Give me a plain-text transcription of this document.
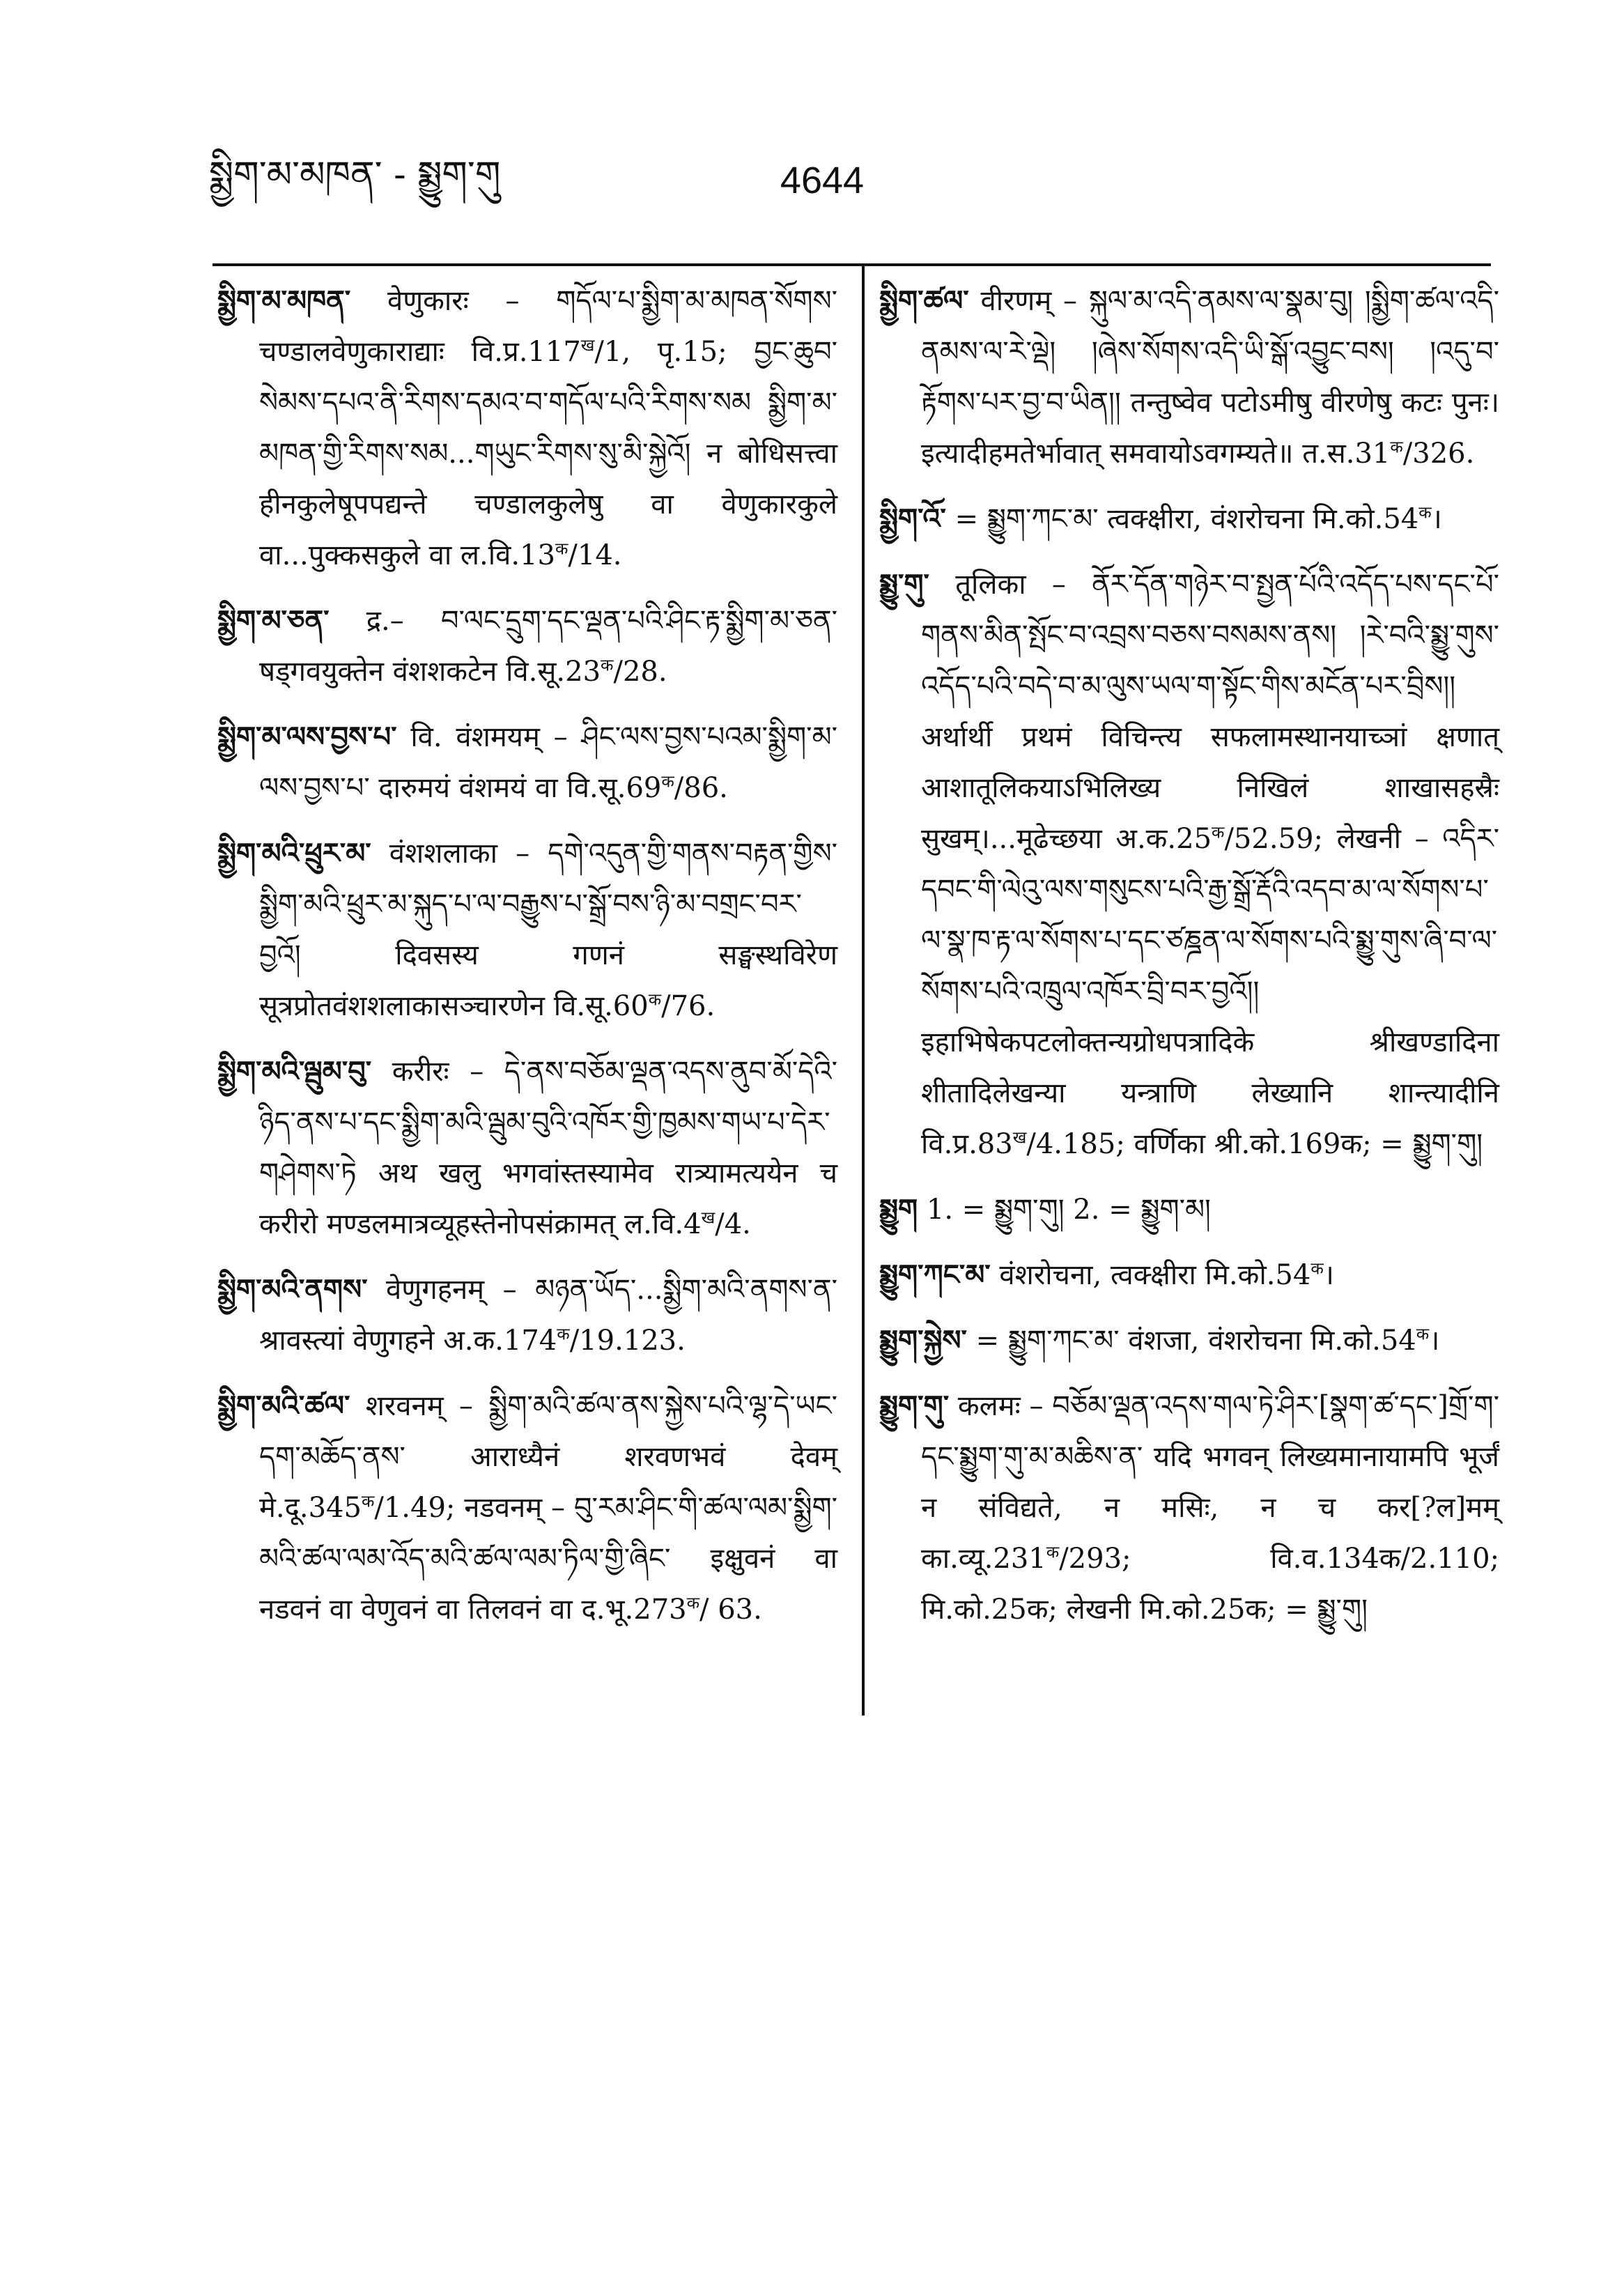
སྨྱིག་མ་མཁན་ - སྨྱུག་གུ	4644

སྨྱིག་མ་མཁན་ वेणुकारः – གདོལ་པ་སྨྱིག་མ་མཁན་སོགས་ चण्डालवेणुकाराद्याः $वि.प्र.117^ख/1$, पृ.15; བྱང་ཆུབ་སེམས་དཔའ་ནི་རིགས་དམའ་བ་གདོལ་པའི་རིགས་སམ སྨྱིག་མ་མཁན་གྱི་རིགས་སམ...གཡུང་རིགས་སུ་མི་སྐྱེའོ། न बोधिसत्त्वा हीनकुलेषूपपद्यन्ते चण्डालकुलेषु वा वेणुकारकुले वा...पुक्कसकुले वा $ल.वि.13^क/14$.

སྨྱིག་མ་ཅན་ द्र.– བ་ལང་དྲུག་དང་ལྡན་པའི་ཤིང་རྟ་སྨྱིག་མ་ཅན་ षड्गवयुक्तेन वंशशकटेन $वि.सू.23^क/28$.

སྨྱིག་མ་ལས་བྱས་པ་ वि. वंशमयम् – ཤིང་ལས་བྱས་པའམ་སྨྱིག་མ་ལས་བྱས་པ་ दारुमयं वंशमयं वा $वि.सू.69^क/86$.

སྨྱིག་མའི་ཕྲུར་མ་ वंशशलाका – དགེ་འདུན་གྱི་གནས་བརྟན་གྱིས་སྨྱིག་མའི་ཕྲུར་མ་སྐུད་པ་ལ་བརྒྱུས་པ་སྒྲོ་བས་ཉི་མ་བགྲང་བར་བྱའོ། दिवसस्य गणनं सङ्घस्थविरेण सूत्रप्रोतवंशशलाकासञ्चारणेन $वि.सू.60^क/76$.

སྨྱིག་མའི་ལྦུམ་བུ་ करीरः – དེ་ནས་བཅོམ་ལྡན་འདས་ནུབ་མོ་དེའི་ཉིད་ནས་པ་དང་སྨྱིག་མའི་ལྦུམ་བུའི་འཁོར་གྱི་ཁྱམས་གཡ་པ་དེར་གཤེགས་ཏེ अथ खलु भगवांस्तस्यामेव रात्र्यामत्ययेन च करीरो मण्डलमात्रव्यूहस्तेनोपसंक्रामत् $ल.वि.4^ख/4$.

སྨྱིག་མའི་ནགས་ वेणुगहनम् – མཉན་ཡོད་...སྨྱིག་མའི་ནགས་ན་ श्रावस्त्यां वेणुगहने $अ.क.174^क/19.123$.

སྨྱིག་མའི་ཚལ་ शरवनम् – སྨྱིག་མའི་ཚལ་ནས་སྐྱེས་པའི་ལྷ་དེ་ཡང་དག་མཆོད་ནས་ आराध्यैनं शरवणभवं देवम् $मे.दू.345^क/1.49$; नडवनम् – བུ་རམ་ཤིང་གི་ཚལ་ལམ་སྨྱིག་མའི་ཚལ་ལམ་འོད་མའི་ཚལ་ལམ་ཏིལ་གྱི་ཞིང་ इक्षुवनं वा नडवनं वा वेणुवनं वा तिलवनं वा $द.भू.273^क/$ 63.

སྨྱིག་ཚལ་ वीरणम् – སྐུལ་མ་འདི་ནམས་ལ་སྣམ་བུ། །སྨྱིག་ཚལ་འདི་ནམས་ལ་རེ་ལྡེ། །ཞེས་སོགས་འདི་ཡི་སྒོ་འབྱུང་བས། །འདུ་བ་རྟོགས་པར་བྱ་བ་ཡིན།། तन्तुष्वेव पटोऽमीषु वीरणेषु कटः पुनः। इत्यादीहमतेर्भावात् समवायोऽवगम्यते॥ $त.स.31^क/326$.

སྨྱིག་འོ་ = སྨྱུག་ཀང་མ་ त्वक्क्षीरा, वंशरोचना $मि.को.54^क।$

སྨྱུ་གུ་ तूलिका – ནོར་དོན་གཉེར་བ་སྤྱན་པོའི་འདོད་པས་དང་པོ་གནས་མིན་སྤོང་བ་འབྲས་བཅས་བསམས་ནས། །རེ་བའི་སྨྱུ་གུས་འདོད་པའི་བདེ་བ་མ་ལུས་ཡལ་ག་སྟོང་གིས་མངོན་པར་བྲིས།། अर्थार्थी प्रथमं विचिन्त्य सफलामस्थानयाच्ञां क्षणात् आशातूलिकयाऽभिलिख्य निखिलं शाखासहस्रैः सुखम्।...मूढेच्छया $अ.क.25^क/52.59$; लेखनी – འདིར་དབང་གི་ལེའུ་ལས་གསུངས་པའི་རྒྱ་སྒྲོ་རྡོའི་འདབ་མ་ལ་སོགས་པ་ལ་སྣ་ཁ་རྟ་ལ་སོགས་པ་དང་ཙཎྜན་ལ་སོགས་པའི་སྨྱུ་གུས་ཞི་བ་ལ་སོགས་པའི་འཁྲུལ་འཁོར་བྲི་བར་བྱའོ།། इहाभिषेकपटलोक्तन्यग्रोधपत्रादिके श्रीखण्डादिना शीतादिलेखन्या यन्त्राणि लेख्यानि शान्त्यादीनि $वि.प्र.83^ख/4.185$; वर्णिका श्री.को.169क; = སྨྱུག་གུ།

སྨྱུག 1. = སྨྱུག་གུ། 2. = སྨྱུག་མ།

སྨྱུག་ཀང་མ་ वंशरोचना, त्वक्क्षीरा $मि.को.54^क।$

སྨྱུག་སྐྱེས་ = སྨྱུག་ཀང་མ་ वंशजा, वंशरोचना $मि.को.54^क।$

སྨྱུག་གུ་ कलमः – བཅོམ་ལྡན་འདས་གལ་ཏེ་ཤིར་[སྣག་ཚ་དང་]གྲོ་ག་དང་སྨྱུག་གུ་མ་མཆིས་ན་ यदि भगवन् लिख्यमानायामपि भूर्जं न संविद्यते, न मसिः, न च कर[?ल]मम् $का.व्यू.231^क/293$; वि.व.134क/2.110; मि.को.25क; लेखनी मि.को.25क; = སྨྱུ་གུ།
